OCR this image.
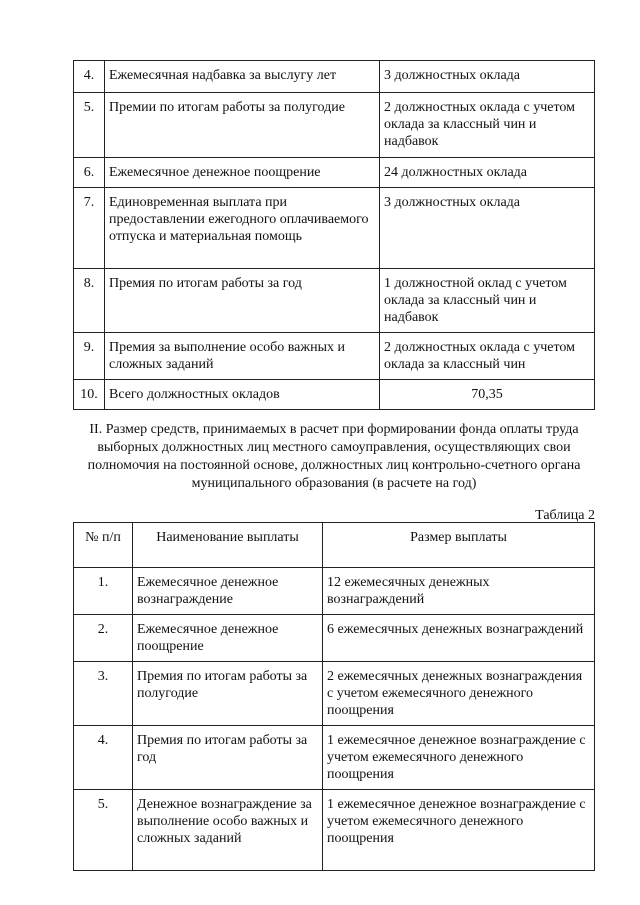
4.	Ежемесячная надбавка за выслугу лет	3 должностных оклада
5.	Премии по итогам работы за полугодие	2 должностных оклада с учетом оклада за классный чин и надбавок
6.	Ежемесячное денежное поощрение	24 должностных оклада
7.	Единовременная выплата при предоставлении ежегодного оплачиваемого отпуска и материальная помощь	3 должностных оклада
8.	Премия по итогам работы за год	1 должностной оклад с учетом оклада за классный чин и надбавок
9.	Премия за выполнение особо важных и сложных заданий	2 должностных оклада с учетом оклада за классный чин
10.	Всего должностных окладов	70,35
II. Размер средств, принимаемых в расчет при формировании фонда оплаты труда выборных должностных лиц местного самоуправления, осуществляющих свои полномочия на постоянной основе, должностных лиц контрольно-счетного органа муниципального образования (в расчете на год)
Таблица 2
№ п/п	Наименование выплаты	Размер выплаты
1.	Ежемесячное денежное вознаграждение	12 ежемесячных денежных вознаграждений
2.	Ежемесячное денежное поощрение	6 ежемесячных денежных вознаграждений
3.	Премия по итогам работы за полугодие	2 ежемесячных денежных вознаграждения с учетом ежемесячного денежного поощрения
4.	Премия по итогам работы за год	1 ежемесячное денежное вознаграждение с учетом ежемесячного денежного поощрения
5.	Денежное вознаграждение за выполнение особо важных и сложных заданий	1 ежемесячное денежное вознаграждение с учетом ежемесячного денежного поощрения
